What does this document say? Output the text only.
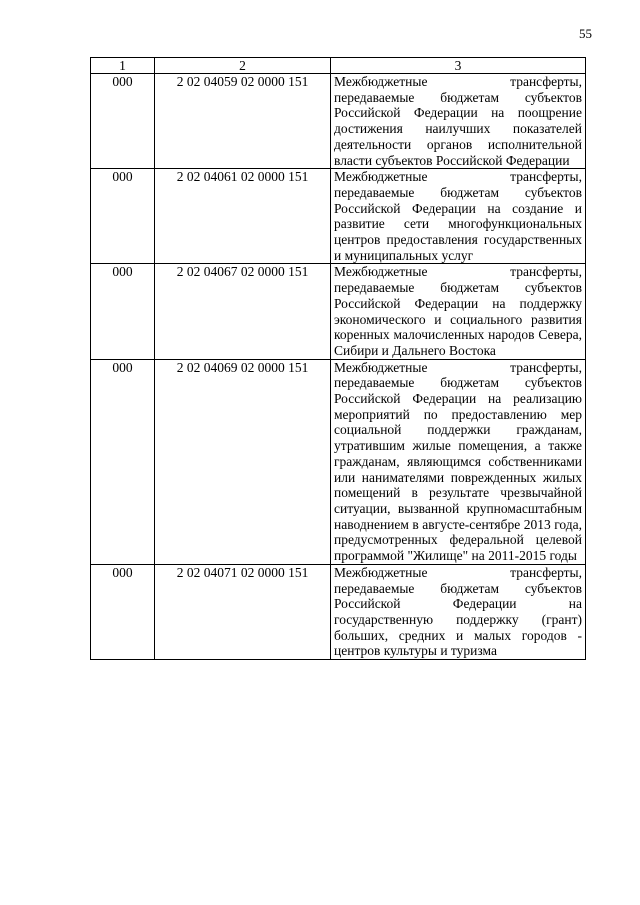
55
1	2	3
000	2 02 04059 02 0000 151	Межбюджетные трансферты, передаваемые бюджетам субъектов Российской Федерации на поощрение достижения наилучших показателей деятельности органов исполнительной власти субъектов Российской Федерации
000	2 02 04061 02 0000 151	Межбюджетные трансферты, передаваемые бюджетам субъектов Российской Федерации на создание и развитие сети многофункциональных центров предоставления государственных и муниципальных услуг
000	2 02 04067 02 0000 151	Межбюджетные трансферты, передаваемые бюджетам субъектов Российской Федерации на поддержку экономического и социального развития коренных малочисленных народов Севера, Сибири и Дальнего Востока
000	2 02 04069 02 0000 151	Межбюджетные трансферты, передаваемые бюджетам субъектов Российской Федерации на реализацию мероприятий по предоставлению мер социальной поддержки гражданам, утратившим жилые помещения, а также гражданам, являющимся собственниками или нанимателями поврежденных жилых помещений в результате чрезвычайной ситуации, вызванной крупномасштабным наводнением в августе-сентябре 2013 года, предусмотренных федеральной целевой программой "Жилище" на 2011-2015 годы
000	2 02 04071 02 0000 151	Межбюджетные трансферты, передаваемые бюджетам субъектов Российской Федерации на государственную поддержку (грант) больших, средних и малых городов - центров культуры и туризма
